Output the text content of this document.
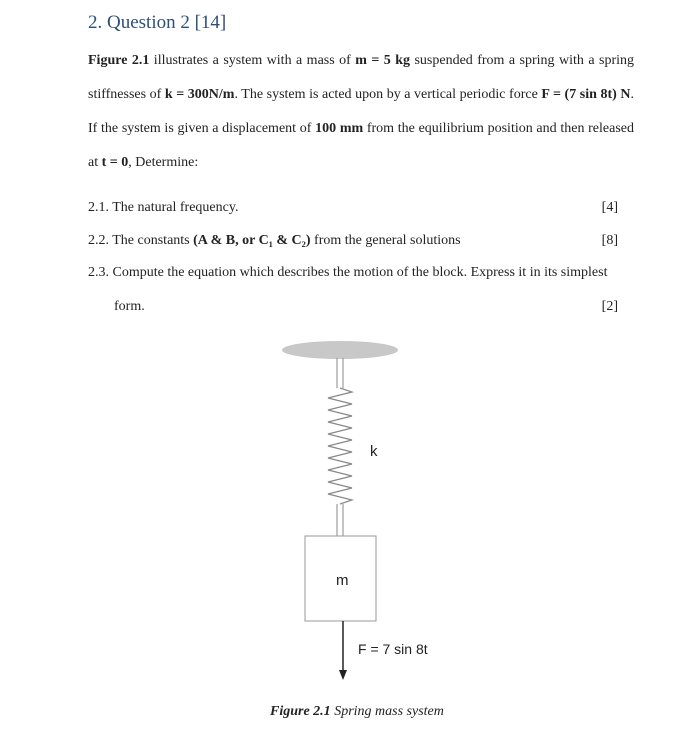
2. Question 2 [14]
Figure 2.1 illustrates a system with a mass of m = 5 kg suspended from a spring with a spring stiffnesses of k = 300N/m. The system is acted upon by a vertical periodic force F = (7 sin 8t) N. If the system is given a displacement of 100 mm from the equilibrium position and then released at t = 0, Determine:
2.1. The natural frequency.	[4]
2.2. The constants (A & B, or C₁ & C₂) from the general solutions	[8]
2.3. Compute the equation which describes the motion of the block. Express it in its simplest
form.	[2]
k
m
F = 7 sin 8t
Figure 2.1 Spring mass system
